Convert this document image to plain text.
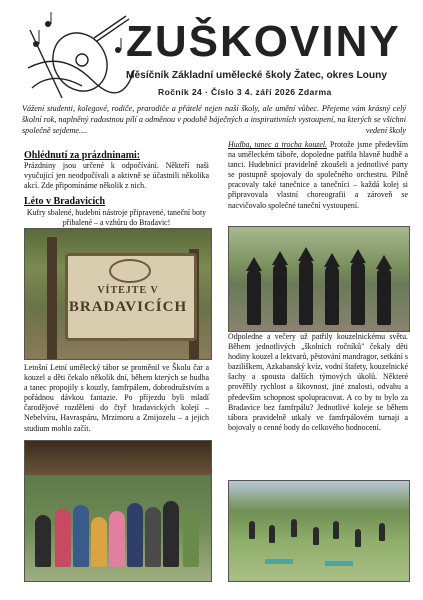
ZUŠKOVINY
Měsíčník Základní umělecké školy Žatec, okres Louny
Ročník 24 · Číslo 3 4. září 2026 Zdarma
Vážení studenti, kolegové, rodiče, prarodiče a přátelé nejen naší školy, ale umění vůbec. Přejeme vám krásný celý školní rok, naplněný radostnou pílí a odměnou v podobě báječných a inspirativních vystoupení, na kterých se všichni společně sejdeme....	vedení školy
Ohlédnutí za prázdninami:
Prázdniny jsou určené k odpočívání. Někteří naši vyučující jen neodpočívali a aktivně se účastnili několika akcí. Zde připomínáme několik z nich.
Léto v Bradavicích
Kufry sbalené, hudební nástroje připravené, taneční boty přibalené – a vzhůru do Bradavic!
VÍTEJTE V
BRADAVICÍCH
Letošní Letní umělecký tábor se proměnil ve Školu čar a kouzel a děti čekalo několik dní, během kterých se hudba a tanec propojily s kouzly, famfrpálem, dobrodružstvím a pořádnou dávkou fantazie. Po příjezdu byli mladí čarodějové rozděleni do čtyř bradavických kolejí – Nebelvíru, Havraspáru, Mrzimoru a Zmijozelu – a jejich studium mohlo začít.
Hudba, tanec a trocha kouzel. Protože jsme především na uměleckém táboře, dopoledne patřila hlavně hudbě a tanci. Hudebníci pravidelně zkoušeli a jednotlivé party se postupně spojovaly do společného orchestru. Pilně pracovaly také tanečnice a tanečníci – každá kolej si připravovala vlastní choreografii a zároveň se nacvičovalo společné taneční vystoupení.
Odpoledne a večery už patřily kouzelnickému světu. Během jednotlivých „školních ročníků" čekaly děti hodiny kouzel a lektvarů, pěstování mandragor, setkání s baziliškem, Azkabanský kvíz, vodní štafety, kouzelnické šachy a spousta dalších týmových úkolů. Některé prověřily rychlost a šikovnost, jiné znalosti, odvahu a především schopnost spolupracovat. A co by to bylo za Bradavice bez famfrpálu? Jednotlivé koleje se během tábora pravidelně utkaly ve famfrpálovém turnaji a bojovaly o cenné body do celkového hodnocení.
